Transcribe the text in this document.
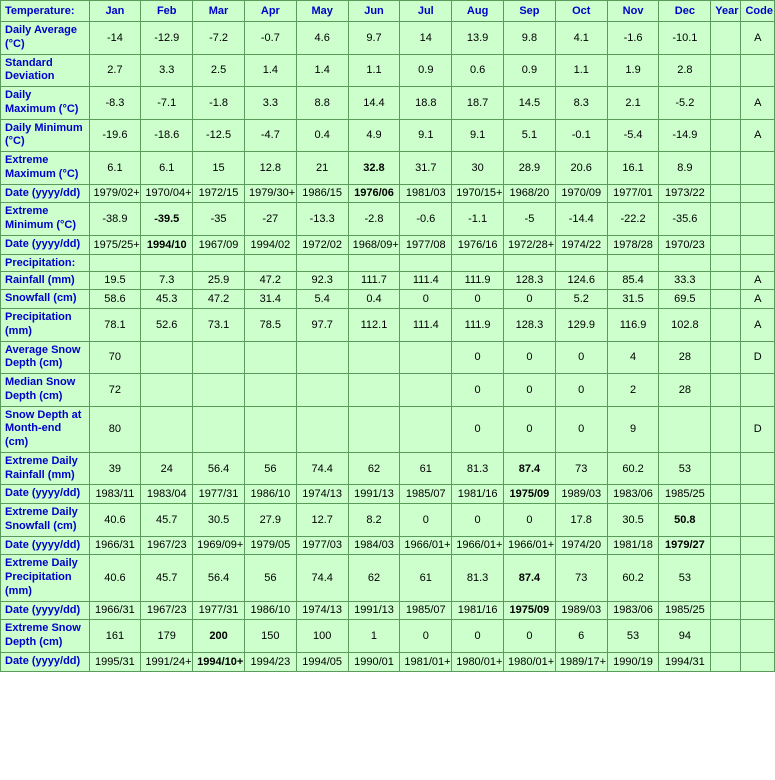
Temperature:	Jan	Feb	Mar	Apr	May	Jun	Jul	Aug	Sep	Oct	Nov	Dec	Year	Code
Daily Average (°C)	-14	-12.9	-7.2	-0.7	4.6	9.7	14	13.9	9.8	4.1	-1.6	-10.1		A
Standard Deviation	2.7	3.3	2.5	1.4	1.4	1.1	0.9	0.6	0.9	1.1	1.9	2.8		
Daily Maximum (°C)	-8.3	-7.1	-1.8	3.3	8.8	14.4	18.8	18.7	14.5	8.3	2.1	-5.2		A
Daily Minimum (°C)	-19.6	-18.6	-12.5	-4.7	0.4	4.9	9.1	9.1	5.1	-0.1	-5.4	-14.9		A
Extreme Maximum (°C)	6.1	6.1	15	12.8	21	32.8	31.7	30	28.9	20.6	16.1	8.9		
Date (yyyy/dd)	1979/02+	1970/04+	1972/15	1979/30+	1986/15	1976/06	1981/03	1970/15+	1968/20	1970/09	1977/01	1973/22		
Extreme Minimum (°C)	-38.9	-39.5	-35	-27	-13.3	-2.8	-0.6	-1.1	-5	-14.4	-22.2	-35.6		
Date (yyyy/dd)	1975/25+	1994/10	1967/09	1994/02	1972/02	1968/09+	1977/08	1976/16	1972/28+	1974/22	1978/28	1970/23		
Precipitation:														
Rainfall (mm)	19.5	7.3	25.9	47.2	92.3	111.7	111.4	111.9	128.3	124.6	85.4	33.3		A
Snowfall (cm)	58.6	45.3	47.2	31.4	5.4	0.4	0	0	0	5.2	31.5	69.5		A
Precipitation (mm)	78.1	52.6	73.1	78.5	97.7	112.1	111.4	111.9	128.3	129.9	116.9	102.8		A
Average Snow Depth (cm)	70							0	0	0	4	28		D
Median Snow Depth (cm)	72							0	0	0	2	28		
Snow Depth at Month-end (cm)	80							0	0	0	9			D
Extreme Daily Rainfall (mm)	39	24	56.4	56	74.4	62	61	81.3	87.4	73	60.2	53		
Date (yyyy/dd)	1983/11	1983/04	1977/31	1986/10	1974/13	1991/13	1985/07	1981/16	1975/09	1989/03	1983/06	1985/25		
Extreme Daily Snowfall (cm)	40.6	45.7	30.5	27.9	12.7	8.2	0	0	0	17.8	30.5	50.8		
Date (yyyy/dd)	1966/31	1967/23	1969/09+	1979/05	1977/03	1984/03	1966/01+	1966/01+	1966/01+	1974/20	1981/18	1979/27		
Extreme Daily Precipitation (mm)	40.6	45.7	56.4	56	74.4	62	61	81.3	87.4	73	60.2	53		
Date (yyyy/dd)	1966/31	1967/23	1977/31	1986/10	1974/13	1991/13	1985/07	1981/16	1975/09	1989/03	1983/06	1985/25		
Extreme Snow Depth (cm)	161	179	200	150	100	1	0	0	0	6	53	94		
Date (yyyy/dd)	1995/31	1991/24+	1994/10+	1994/23	1994/05	1990/01	1981/01+	1980/01+	1980/01+	1989/17+	1990/19	1994/31		
